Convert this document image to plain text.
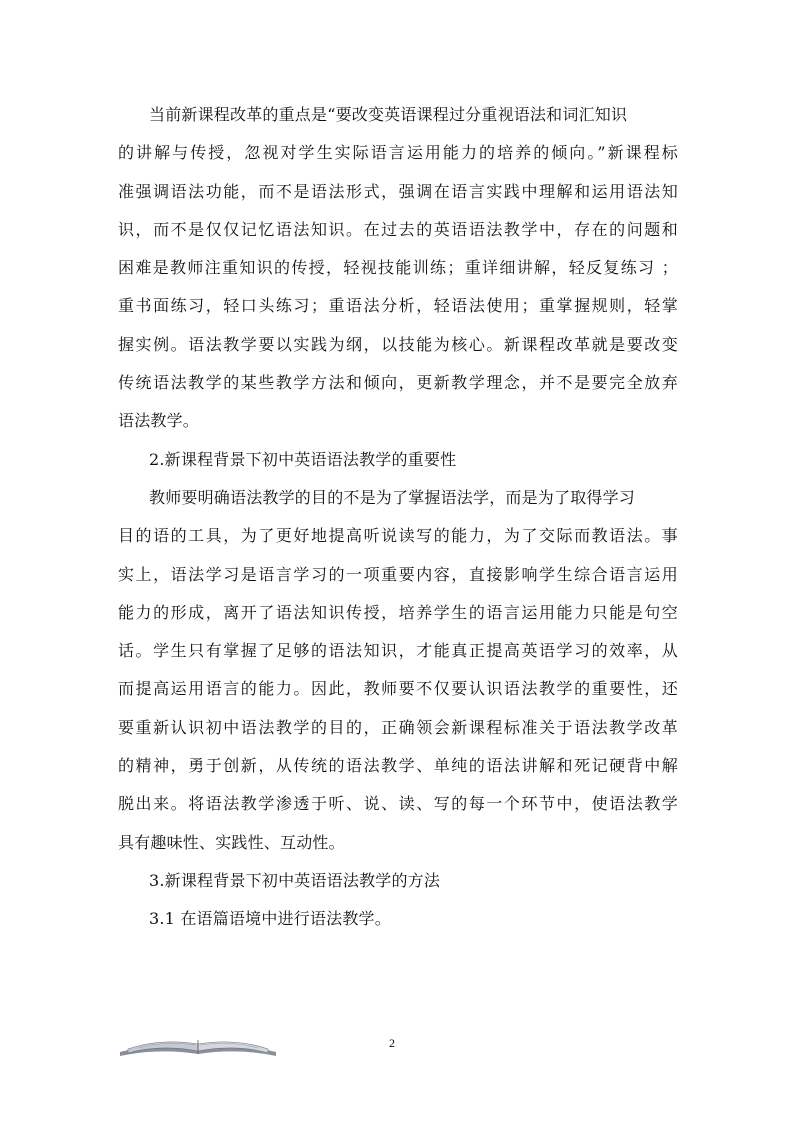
当前新课程改革的重点是“要改变英语课程过分重视语法和词汇知识
的讲解与传授，忽视对学生实际语言运用能力的培养的倾向。”新课程标
准强调语法功能，而不是语法形式，强调在语言实践中理解和运用语法知
识，而不是仅仅记忆语法知识。在过去的英语语法教学中，存在的问题和
困难是教师注重知识的传授，轻视技能训练；重详细讲解，轻反复练习 ；
重书面练习，轻口头练习；重语法分析，轻语法使用；重掌握规则，轻掌
握实例。语法教学要以实践为纲，以技能为核心。新课程改革就是要改变
传统语法教学的某些教学方法和倾向，更新教学理念，并不是要完全放弃
语法教学。
2.新课程背景下初中英语语法教学的重要性
教师要明确语法教学的目的不是为了掌握语法学，而是为了取得学习
目的语的工具，为了更好地提高听说读写的能力，为了交际而教语法。事
实上，语法学习是语言学习的一项重要内容，直接影响学生综合语言运用
能力的形成，离开了语法知识传授，培养学生的语言运用能力只能是句空
话。学生只有掌握了足够的语法知识，才能真正提高英语学习的效率，从
而提高运用语言的能力。因此，教师要不仅要认识语法教学的重要性，还
要重新认识初中语法教学的目的，正确领会新课程标准关于语法教学改革
的精神，勇于创新，从传统的语法教学、单纯的语法讲解和死记硬背中解
脱出来。将语法教学渗透于听、说、读、写的每一个环节中，使语法教学
具有趣味性、实践性、互动性。
3.新课程背景下初中英语语法教学的方法
3.1 在语篇语境中进行语法教学。
2
